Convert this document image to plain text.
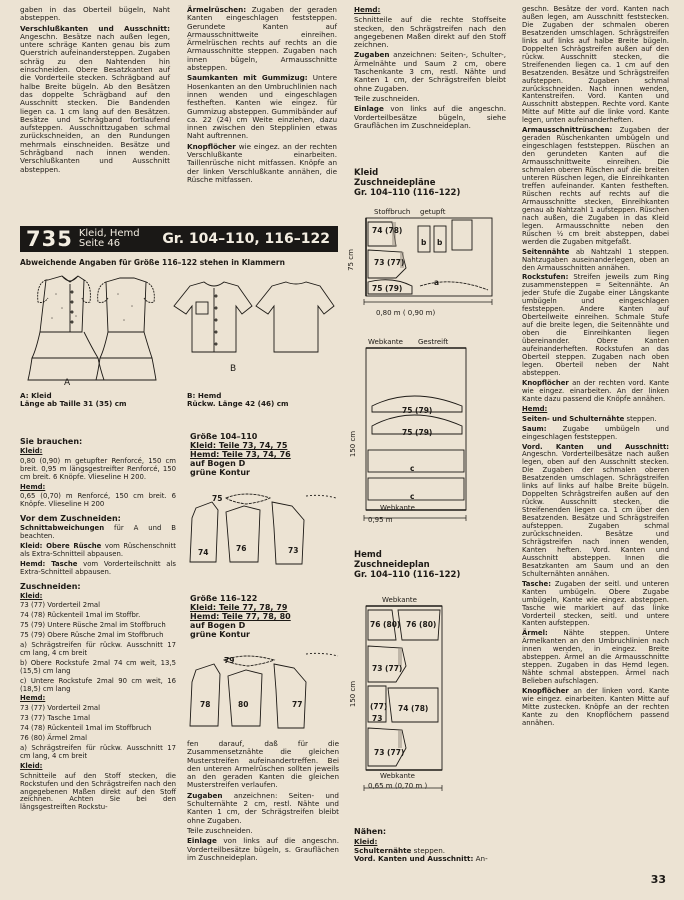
gaben in das Oberteil bügeln, Naht absteppen.

Verschlußkanten und Ausschnitt: Angeschn. Besätze nach außen legen, untere schräge Kanten genau bis zum Querstrich aufeinandersteppen. Zugaben schräg zu den Nahtenden hin einschneiden. Obere Besatzkanten auf die Vorderteile stecken. Schrägband auf halbe Breite bügeln. Ab den Besätzen das doppelte Schrägband auf den Ausschnitt stecken. Die Bandenden liegen ca. 1 cm lang auf den Besätzen. Besätze und Schrägband fortlaufend aufsteppen. Ausschnittzugaben schmal zurückschneiden, an den Rundungen mehrmals einschneiden. Besätze und Schrägband nach innen wenden. Verschlußkanten und Ausschnitt absteppen.

Ärmelrüschen: Zugaben der geraden Kanten eingeschlagen feststeppen. Gerundete Kanten auf Armausschnittweite einreihen. Ärmelrüschen rechts auf rechts an die Armausschnitte steppen. Zugaben nach innen bügeln, Armausschnitte absteppen.

Saumkanten mit Gummizug: Untere Hosenkanten an den Umbruchlinien nach innen wenden und eingeschlagen festheften. Kanten wie eingez. für Gummizug absteppen. Gummibänder auf ca. 22 (24) cm Weite einziehen, dazu innen zwischen den Stepplinien etwas Naht auftrennen.

Knopflöcher wie eingez. an der rechten Verschlußkante einarbeiten. Taillenrüsche nicht mitfassen. Knöpfe an der linken Verschlußkante annähen, die Rüsche mitfassen.

Hemd:

Schnitteile auf die rechte Stoffseite stecken, den Schrägstreifen nach den angegebenen Maßen direkt auf den Stoff zeichnen.

Zugaben anzeichnen: Seiten-, Schulter-, Ärmelnähte und Saum 2 cm, obere Taschenkante 3 cm, restl. Nähte und Kanten 1 cm, der Schrägstreifen bleibt ohne Zugaben.

Teile zuschneiden.

Einlage von links auf die angeschn. Vorderteilbesätze bügeln, siehe Grauflächen im Zuschneideplan.

735 Kleid, Hemd
Seite 46	Gr. 104–110, 116–122
Abweichende Angaben für Größe 116–122 stehen in Klammern
A
B
A: Kleid
Länge ab Taille 31 (35) cm
B: Hemd
Rückw. Länge 42 (46) cm
Sie brauchen:

Kleid:

0,80 (0,90) m getupfter Renforcé, 150 cm breit. 0,95 m längsgestreifter Renforcé, 150 cm breit. 6 Knöpfe. Vlieseline H 200.

Hemd:

0,65 (0,70) m Renforcé, 150 cm breit. 6 Knöpfe. Vlieseline H 200

Vor dem Zuschneiden:

Schnittabweichungen für A und B beachten.

Kleid: Obere Rüsche vom Rüschenschnitt als Extra-Schnitteil abpausen.

Hemd: Tasche vom Vorderteilschnitt als Extra-Schnitteil abpausen.

Zuschneiden:

Kleid:

73 (77) Vorderteil 2mal

74 (78) Rückenteil 1mal im Stoffbr.

75 (79) Untere Rüsche 2mal im Stoffbruch

75 (79) Obere Rüsche 2mal im Stoffbruch

a) Schrägstreifen für rückw. Ausschnitt 17 cm lang, 4 cm breit

b) Obere Rockstufe 2mal 74 cm weit, 13,5 (15,5) cm lang

c) Untere Rockstufe 2mal 90 cm weit, 16 (18,5) cm lang

Hemd:

73 (77) Vorderteil 2mal

73 (77) Tasche 1mal

74 (78) Rückenteil 1mal im Stoffbruch

76 (80) Ärmel 2mal

a) Schrägstreifen für rückw. Ausschnitt 17 cm lang, 4 cm breit

Kleid:

Schnitteile auf den Stoff stecken, die Rockstufen und den Schrägstreifen nach den angegebenen Maßen direkt auf den Stoff zeichnen. Achten Sie bei den längsgestreiften Rockstu-

Größe 104–110
Kleid: Teile 73, 74, 75
Hemd: Teile 73, 74, 76
auf Bogen D
grüne Kontur
74	76	73
75
Größe 116–122
Kleid: Teile 77, 78, 79
Hemd: Teile 77, 78, 80
auf Bogen D
grüne Kontur
78	80	77
79

fen darauf, daß für die Zusammensetznähte die gleichen Musterstreifen aufeinandertreffen. Bei den unteren Armelrüschen sollten jeweils an den geraden Kanten die gleichen Musterstreifen verlaufen.

Zugaben anzeichnen: Seiten- und Schulternähte 2 cm, restl. Nähte und Kanten 1 cm, der Schrägstreifen bleibt ohne Zugaben.

Teile zuschneiden.

Einlage von links auf die angeschn. Vorderteilbesätze bügeln, s. Grauflächen im Zuschneideplan.

Kleid
Zuschneidepläne
Gr. 104–110 (116–122)
Stoffbruch getupft
75 cm
0,80 m ( 0,90 m)
74 (78)
73 (77)
75 (79)
a
b b
Webkante Gestreift
150 cm
75 (79)
75 (79)
c
c
Webkante
0,95 m
Hemd
Zuschneideplan
Gr. 104–110 (116–122)
Webkante
150 cm
76 (80) 76 (80)
73 (77)
74 (78)
(77)
73
73 (77)
Webkante
0,65 m (0,70 m )
Nähen:
Kleid:
Schulternähte steppen.
Vord. Kanten und Ausschnitt: An-

geschn. Besätze der vord. Kanten nach außen legen, am Ausschnitt feststecken. Die Zugaben der schmalen oberen Besatzenden umschlagen. Schrägstreifen links auf links auf halbe Breite bügeln. Doppelten Schrägstreifen außen auf den rückw. Ausschnitt stecken, die Streifenenden liegen ca. 1 cm auf den Besatzenden. Besätze und Schrägstreifen aufsteppen. Zugaben schmal zurückschneiden. Nach innen wenden, Kantenstreifen. Vord. Kanten und Ausschnitt absteppen. Rechte vord. Kante Mitte auf Mitte auf die linke vord. Kante legen, unten aufeinanderheften.

Armausschnittrüschen: Zugaben der geraden Rüschenkanten umbügeln und eingeschlagen feststeppen. Rüschen an den gerundeten Kanten auf die Armausschnittweite einreihen. Die schmalen oberen Rüschen auf die breiten unteren Rüschen legen, die Einreihkanten treffen aufeinander. Kanten festheften. Rüschen rechts auf rechts auf die Armausschnitte stecken, Einreihkanten genau ab Nahtzahl 1 aufsteppen. Rüschen nach außen, die Zugaben in das Kleid legen. Armausschnitte neben den Rüschen ½ cm breit absteppen, dabei werden die Zugaben mitgefaßt.

Seitennähte ab Nahtzahl 1 steppen. Nahtzugaben auseinanderlegen, oben an den Armausschnitten annähen.

Rockstufen: Streifen jeweils zum Ring zusammensteppen = Seitennähte. An jeder Stufe die Zugabe einer Längskante umbügeln und eingeschlagen feststeppen. Andere Kanten auf Oberteilweite einreihen. Schmale Stufe auf die breite legen, die Seitennähte und oben die Einreihkanten liegen übereinander. Obere Kanten aufeinanderheften. Rockstufen an das Oberteil steppen. Zugaben nach oben legen. Oberteil neben der Naht absteppen.

Knopflöcher an der rechten vord. Kante wie eingez. einarbeiten. An der linken Kante dazu passend die Knöpfe annähen.

Hemd:

Seiten- und Schulternähte steppen.

Saum: Zugabe umbügeln und eingeschlagen feststeppen.

Vord. Kanten und Ausschnitt: Angeschn. Vorderteilbesätze nach außen legen, oben auf den Ausschnitt stecken. Die Zugaben der schmalen oberen Besatzenden umschlagen. Schrägstreifen links auf links auf halbe Breite bügeln. Doppelten Schrägstreifen außen auf den rückw. Ausschnitt stecken, die Streifenenden liegen ca. 1 cm über den Besatzenden. Besätze und Schrägstreifen aufsteppen. Zugaben schmal zurückschneiden. Besätze und Schrägstreifen nach innen wenden, Kanten heften. Vord. Kanten und Ausschnitt absteppen. Innen die Besatzkanten am Saum und an den Schulternähten annähen.

Tasche: Zugaben der seitl. und unteren Kanten umbügeln. Obere Zugabe umbügeln, Kante wie eingez. absteppen. Tasche wie markiert auf das linke Vorderteil stecken, seitl. und untere Kanten aufsteppen.

Ärmel: Nähte steppen. Untere Ärmelkanten an den Umbruchlinien nach innen wenden, in eingez. Breite absteppen. Ärmel an die Armausschnitte steppen. Zugaben in das Hemd legen. Nähte schmal absteppen. Ärmel nach Belieben aufschlagen.

Knopflöcher an der linken vord. Kante wie eingez. einarbeiten. Kanten Mitte auf Mitte zustecken. Knöpfe an der rechten Kante zu den Knopflöchern passend annähen.

33
